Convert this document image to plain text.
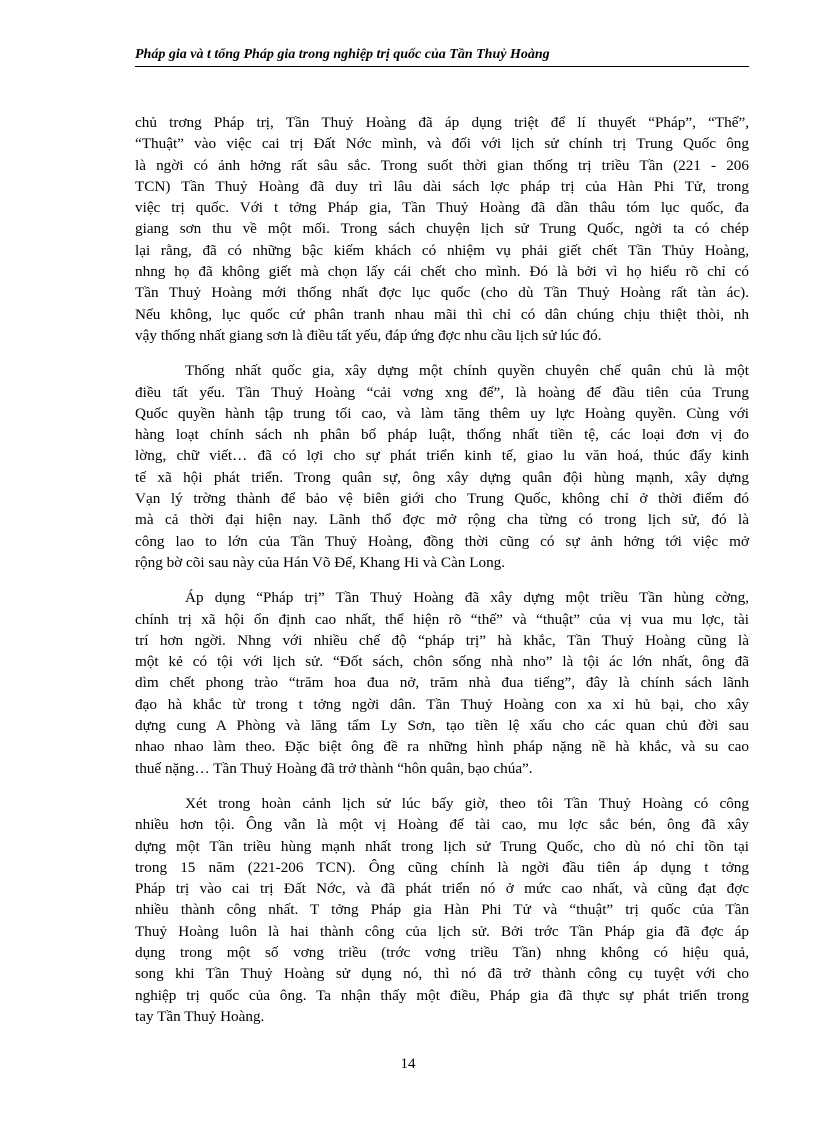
Pháp gia và t tổng Pháp gia trong nghiệp trị quốc của Tần Thuỷ Hoàng
chủ trơng Pháp trị, Tần Thuỷ Hoàng đã áp dụng triệt để lí thuyết “Pháp”, “Thế”,
“Thuật” vào việc cai trị Đất Nớc mình, và đối với lịch sử chính trị Trung Quốc ông
là ngời có ảnh hởng rất sâu sắc. Trong suốt thời gian thống trị triều Tần (221 - 206
TCN) Tần Thuỷ Hoàng đã duy trì lâu dài sách lợc pháp trị của Hàn Phi Tử, trong
việc trị quốc. Với t tởng Pháp gia, Tần Thuỷ Hoàng đã dần thâu tóm lục quốc, đa
giang sơn thu về một mối. Trong sách chuyện lịch sử Trung Quốc, ngời ta có chép
lại rằng, đã có những bậc kiếm khách có nhiệm vụ phải giết chết Tần Thủy Hoàng,
nhng họ đã không giết mà chọn lấy cái chết cho mình. Đó là bởi vì họ hiểu rõ chỉ có
Tần Thuỷ Hoàng mới thống nhất đợc lục quốc (cho dù Tần Thuỷ Hoàng rất tàn ác).
Nếu không, lục quốc cứ phân tranh nhau mãi thì chỉ có dân chúng chịu thiệt thòi, nh
vậy thống nhất giang sơn là điều tất yếu, đáp ứng đợc nhu cầu lịch sử lúc đó.
Thống nhất quốc gia, xây dựng một chính quyền chuyên chế quân chủ là một
điều tất yếu. Tần Thuỷ Hoàng “cải vơng xng đế”, là hoàng đế đầu tiên của Trung
Quốc quyền hành tập trung tối cao, và làm tăng thêm uy lực Hoàng quyền. Cùng với
hàng loạt chính sách nh phân bố pháp luật, thống nhất tiền tệ, các loại đơn vị đo
lờng, chữ viết… đã có lợi cho sự phát triển kinh tế, giao lu văn hoá, thúc đẩy kinh
tế xã hội phát triển. Trong quân sự, ông xây dựng quân đội hùng mạnh, xây dựng
Vạn lý trờng thành để bảo vệ biên giới cho Trung Quốc, không chỉ ở thời điểm đó
mà cả thời đại hiện nay. Lãnh thổ đợc mở rộng cha từng có trong lịch sử, đó là
công lao to lớn của Tần Thuỷ Hoàng, đồng thời cũng có sự ảnh hởng tới việc mở
rộng bờ cõi sau này của Hán Võ Đế, Khang Hi và Càn Long.
Áp dụng “Pháp trị” Tần Thuỷ Hoàng đã xây dựng một triều Tần hùng cờng,
chính trị xã hội ổn định cao nhất, thể hiện rõ “thế” và “thuật” của vị vua mu lợc, tài
trí hơn ngời. Nhng với nhiều chế độ “pháp trị” hà khắc, Tần Thuỷ Hoàng cũng là
một kẻ có tội với lịch sử. “Đốt sách, chôn sống nhà nho” là tội ác lớn nhất, ông đã
dìm chết phong trào “trăm hoa đua nở, trăm nhà đua tiếng”, đây là chính sách lãnh
đạo hà khắc từ trong t tởng ngời dân. Tần Thuỷ Hoàng con xa xỉ hủ bại, cho xây
dựng cung A Phòng và lăng tẩm Ly Sơn, tạo tiền lệ xấu cho các quan chủ đời sau
nhao nhao làm theo. Đặc biệt ông đề ra những hình pháp nặng nề hà khắc, và su cao
thuế nặng… Tần Thuỷ Hoàng đã trở thành “hôn quân, bạo chúa”.
Xét trong hoàn cảnh lịch sử lúc bấy giờ, theo tôi Tần Thuỷ Hoàng có công
nhiều hơn tội. Ông vẫn là một vị Hoàng đế tài cao, mu lợc sắc bén, ông đã xây
dựng một Tần triều hùng mạnh nhất trong lịch sử Trung Quốc, cho dù nó chỉ tồn tại
trong 15 năm (221-206 TCN). Ông cũng chính là ngời đầu tiên áp dụng t tởng
Pháp trị vào cai trị Đất Nớc, và đã phát triển nó ở mức cao nhất, và cũng đạt đợc
nhiều thành công nhất. T tởng Pháp gia Hàn Phi Tử và “thuật” trị quốc của Tần
Thuỷ Hoàng luôn là hai thành công của lịch sử. Bởi trớc Tần Pháp gia đã đợc áp
dụng trong một số vơng triều (trớc vơng triều Tần) nhng không có hiệu quả,
song khi Tần Thuỷ Hoàng sử dụng nó, thì nó đã trở thành công cụ tuyệt với cho
nghiệp trị quốc của ông. Ta nhận thấy một điều, Pháp gia đã thực sự phát triển trong
tay Tần Thuỷ Hoàng.
14
